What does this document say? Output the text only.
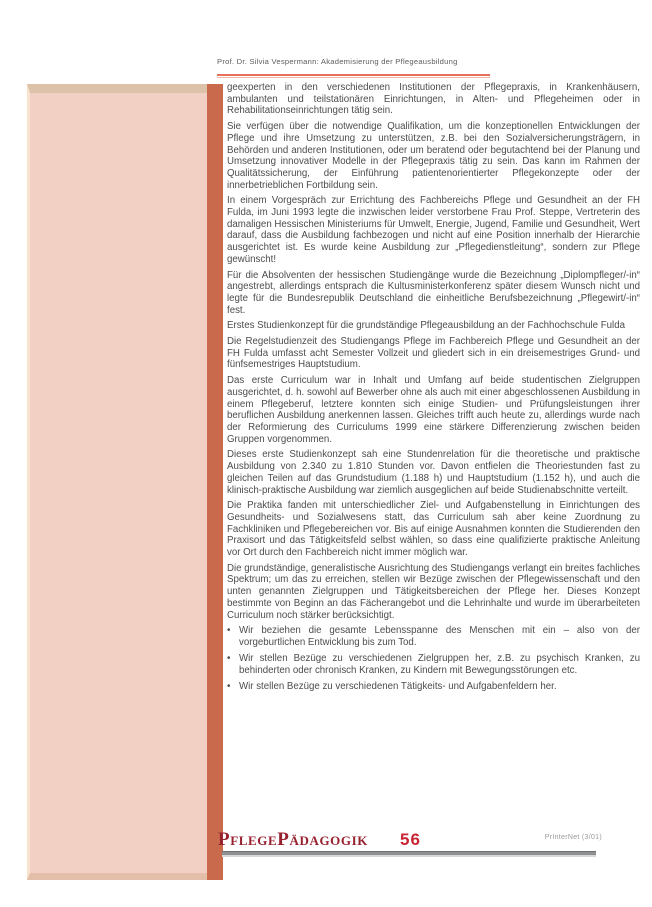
Prof. Dr. Silvia Vespermann: Akademisierung der Pflegeausbildung

geexperten in den verschiedenen Institutionen der Pflegepraxis, in Krankenhäusern, ambulanten und teilstationären Einrichtungen, in Alten- und Pflegeheimen oder in Rehabilitationseinrichtungen tätig sein.

Sie verfügen über die notwendige Qualifikation, um die konzeptionellen Entwicklungen der Pflege und ihre Umsetzung zu unterstützen, z.B. bei den Sozialversicherungsträgern, in Behörden und anderen Institutionen, oder um beratend oder begutachtend bei der Planung und Umsetzung innovativer Modelle in der Pflegepraxis tätig zu sein. Das kann im Rahmen der Qualitätssicherung, der Einführung patientenorientierter Pflegekonzepte oder der innerbetrieblichen Fortbildung sein.

In einem Vorgespräch zur Errichtung des Fachbereichs Pflege und Gesundheit an der FH Fulda, im Juni 1993 legte die inzwischen leider verstorbene Frau Prof. Steppe, Vertreterin des damaligen Hessischen Ministeriums für Umwelt, Energie, Jugend, Familie und Gesundheit, Wert darauf, dass die Ausbildung fachbezogen und nicht auf eine Position innerhalb der Hierarchie ausgerichtet ist. Es wurde keine Ausbildung zur „Pflegedienstleitung“, sondern zur Pflege gewünscht!

Für die Absolventen der hessischen Studiengänge wurde die Bezeichnung „Diplompfleger/-in“ angestrebt, allerdings entsprach die Kultusministerkonferenz später diesem Wunsch nicht und legte für die Bundesrepublik Deutschland die einheitliche Berufsbezeichnung „Pflegewirt/-in“ fest.

Erstes Studienkonzept für die grundständige Pflegeausbildung an der Fachhochschule Fulda

Die Regelstudienzeit des Studiengangs Pflege im Fachbereich Pflege und Gesundheit an der FH Fulda umfasst acht Semester Vollzeit und gliedert sich in ein dreisemestriges Grund- und fünfsemestriges Hauptstudium.

Das erste Curriculum war in Inhalt und Umfang auf beide studentischen Zielgruppen ausgerichtet, d. h. sowohl auf Bewerber ohne als auch mit einer abgeschlossenen Ausbildung in einem Pflegeberuf, letztere konnten sich einige Studien- und Prüfungsleistungen ihrer beruflichen Ausbildung anerkennen lassen. Gleiches trifft auch heute zu, allerdings wurde nach der Reformierung des Curriculums 1999 eine stärkere Differenzierung zwischen beiden Gruppen vorgenommen.

Dieses erste Studienkonzept sah eine Stundenrelation für die theoretische und praktische Ausbildung von 2.340 zu 1.810 Stunden vor. Davon entfielen die Theoriestunden fast zu gleichen Teilen auf das Grundstudium (1.188 h) und Hauptstudium (1.152 h), und auch die klinisch-praktische Ausbildung war ziemlich ausgeglichen auf beide Studienabschnitte verteilt.

Die Praktika fanden mit unterschiedlicher Ziel- und Aufgabenstellung in Einrichtungen des Gesundheits- und Sozialwesens statt, das Curriculum sah aber keine Zuordnung zu Fachkliniken und Pflegebereichen vor. Bis auf einige Ausnahmen konnten die Studierenden den Praxisort und das Tätigkeitsfeld selbst wählen, so dass eine qualifizierte praktische Anleitung vor Ort durch den Fachbereich nicht immer möglich war.

Die grundständige, generalistische Ausrichtung des Studiengangs verlangt ein breites fachliches Spektrum; um das zu erreichen, stellen wir Bezüge zwischen der Pflegewissenschaft und den unten genannten Zielgruppen und Tätigkeitsbereichen der Pflege her. Dieses Konzept bestimmte von Beginn an das Fächerangebot und die Lehrinhalte und wurde im überarbeiteten Curriculum noch stärker berücksichtigt.

• Wir beziehen die gesamte Lebensspanne des Menschen mit ein – also von der vorgeburtlichen Entwicklung bis zum Tod.
• Wir stellen Bezüge zu verschiedenen Zielgruppen her, z.B. zu psychisch Kranken, zu behinderten oder chronisch Kranken, zu Kindern mit Bewegungsstörungen etc.
• Wir stellen Bezüge zu verschiedenen Tätigkeits- und Aufgabenfeldern her.
PflegePädagogik 56	PrInterNet (3/01)
